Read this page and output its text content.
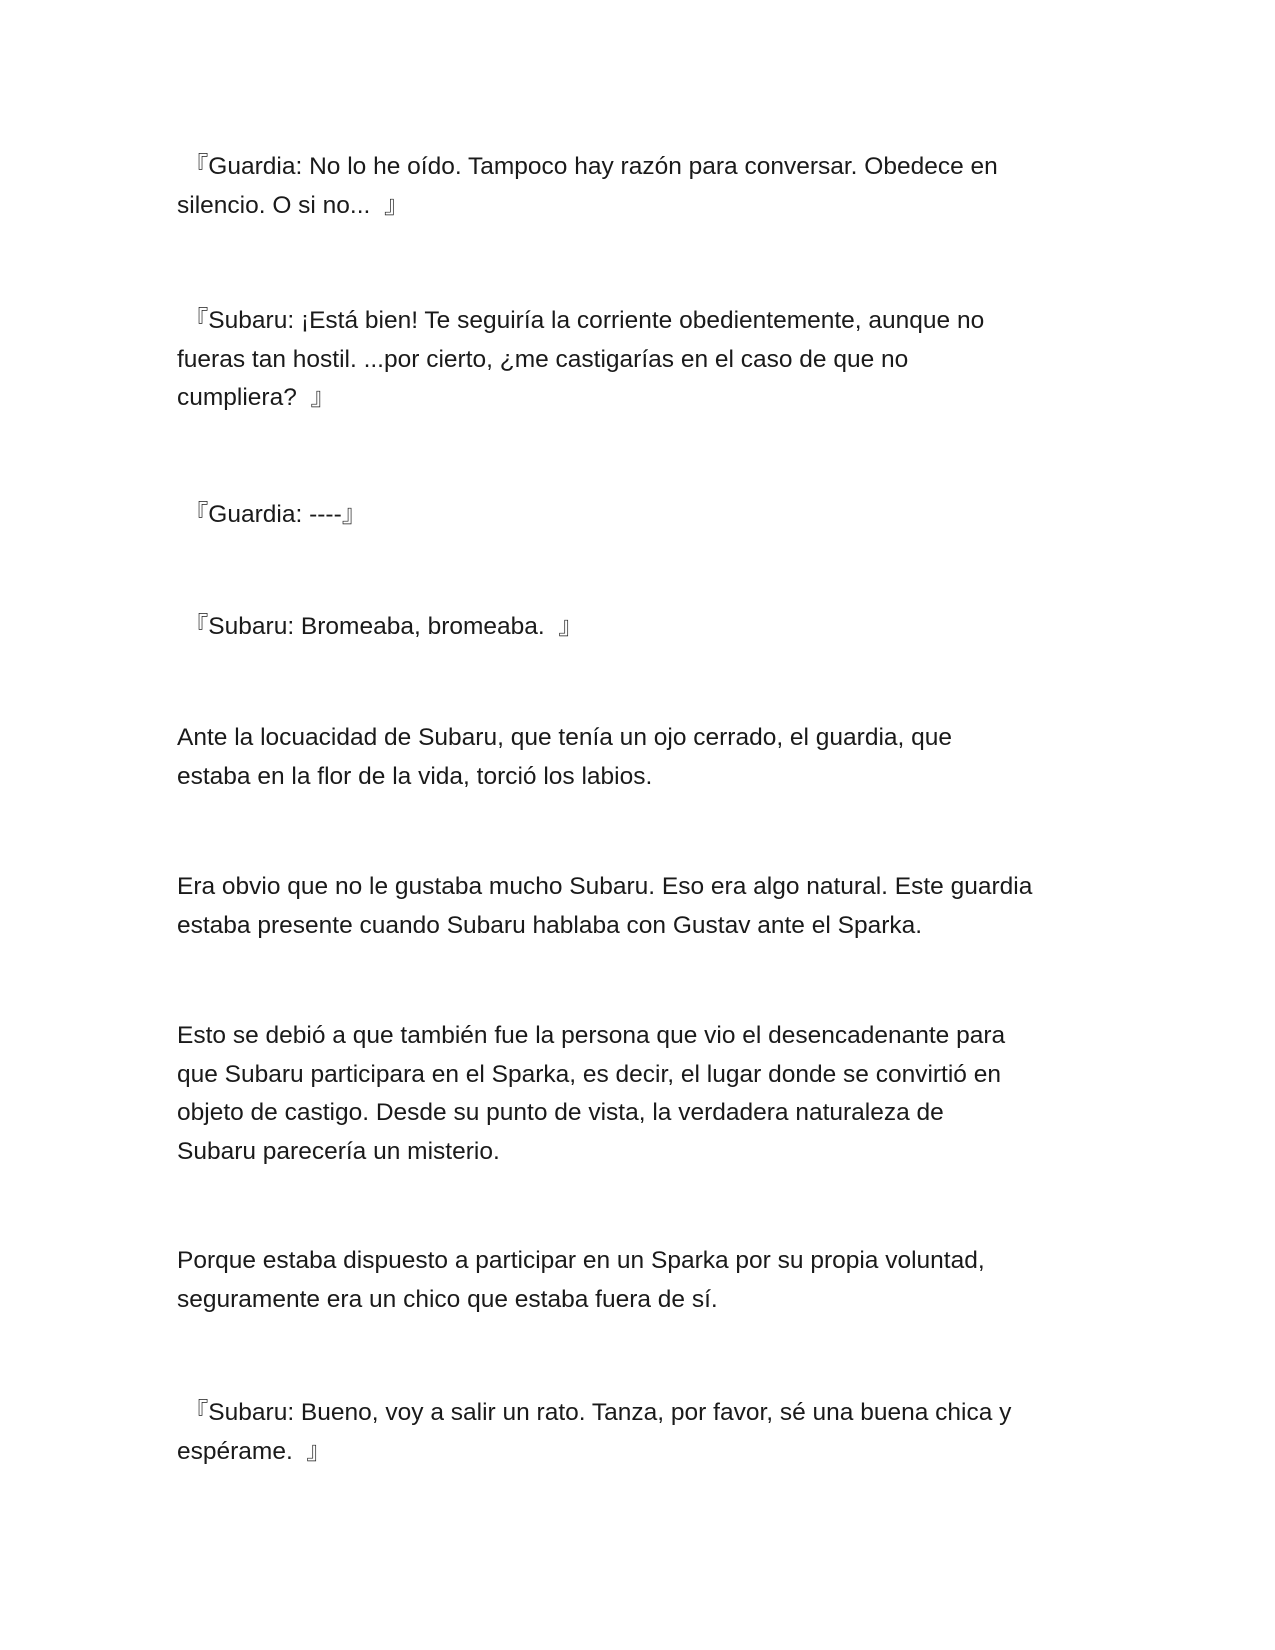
『Guardia: No lo he oído. Tampoco hay razón para conversar. Obedece en
silencio. O si no...  』

『Subaru: ¡Está bien! Te seguiría la corriente obedientemente, aunque no
fueras tan hostil. ...por cierto, ¿me castigarías en el caso de que no
cumpliera?  』

『Guardia: ----』

『Subaru: Bromeaba, bromeaba.  』

Ante la locuacidad de Subaru, que tenía un ojo cerrado, el guardia, que
estaba en la flor de la vida, torció los labios.

Era obvio que no le gustaba mucho Subaru. Eso era algo natural. Este guardia
estaba presente cuando Subaru hablaba con Gustav ante el Sparka.

Esto se debió a que también fue la persona que vio el desencadenante para
que Subaru participara en el Sparka, es decir, el lugar donde se convirtió en
objeto de castigo. Desde su punto de vista, la verdadera naturaleza de
Subaru parecería un misterio.

Porque estaba dispuesto a participar en un Sparka por su propia voluntad,
seguramente era un chico que estaba fuera de sí.

『Subaru: Bueno, voy a salir un rato. Tanza, por favor, sé una buena chica y
espérame.  』
